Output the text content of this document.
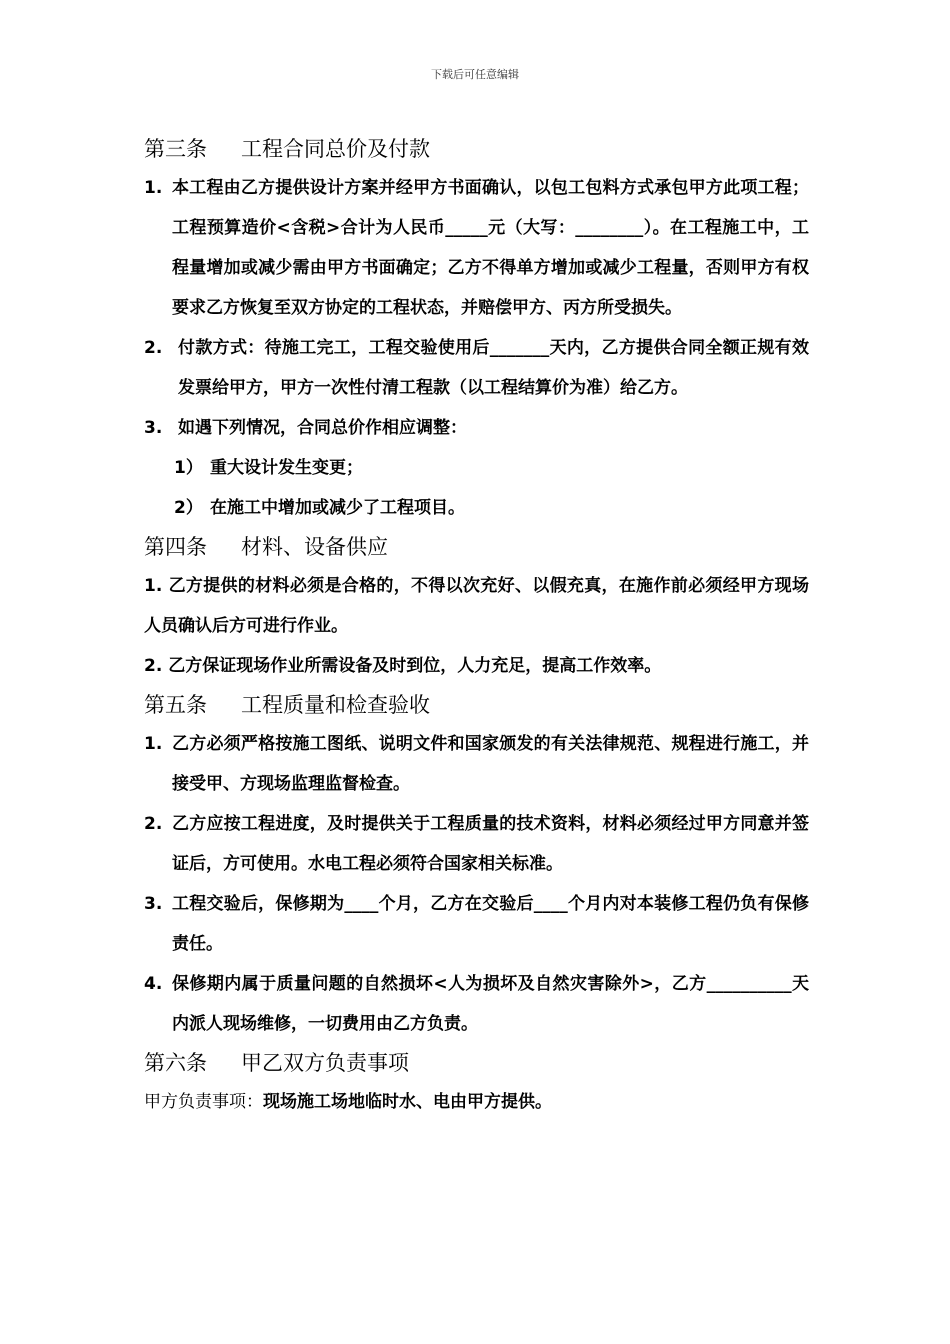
下载后可任意编辑
第三条 工程合同总价及付款
1. 本工程由乙方提供设计方案并经甲方书面确认，以包工包料方式承包甲方此项工程；工程预算造价<含税>合计为人民币_____元（大写：________）。在工程施工中，工程量增加或减少需由甲方书面确定；乙方不得单方增加或减少工程量，否则甲方有权要求乙方恢复至双方协定的工程状态，并赔偿甲方、丙方所受损失。
2. 付款方式：待施工完工，工程交验使用后_______天内，乙方提供合同全额正规有效发票给甲方，甲方一次性付清工程款（以工程结算价为准）给乙方。
3. 如遇下列情况，合同总价作相应调整：
1） 重大设计发生变更；
2） 在施工中增加或减少了工程项目。
第四条 材料、设备供应
1. 乙方提供的材料必须是合格的，不得以次充好、以假充真，在施作前必须经甲方现场人员确认后方可进行作业。
2. 乙方保证现场作业所需设备及时到位，人力充足，提高工作效率。
第五条 工程质量和检查验收
1. 乙方必须严格按施工图纸、说明文件和国家颁发的有关法律规范、规程进行施工，并接受甲、方现场监理监督检查。
2. 乙方应按工程进度，及时提供关于工程质量的技术资料，材料必须经过甲方同意并签证后，方可使用。水电工程必须符合国家相关标准。
3. 工程交验后，保修期为____个月，乙方在交验后____个月内对本装修工程仍负有保修责任。
4. 保修期内属于质量问题的自然损坏<人为损坏及自然灾害除外>，乙方__________天内派人现场维修，一切费用由乙方负责。
第六条 甲乙双方负责事项
甲方负责事项：现场施工场地临时水、电由甲方提供。
